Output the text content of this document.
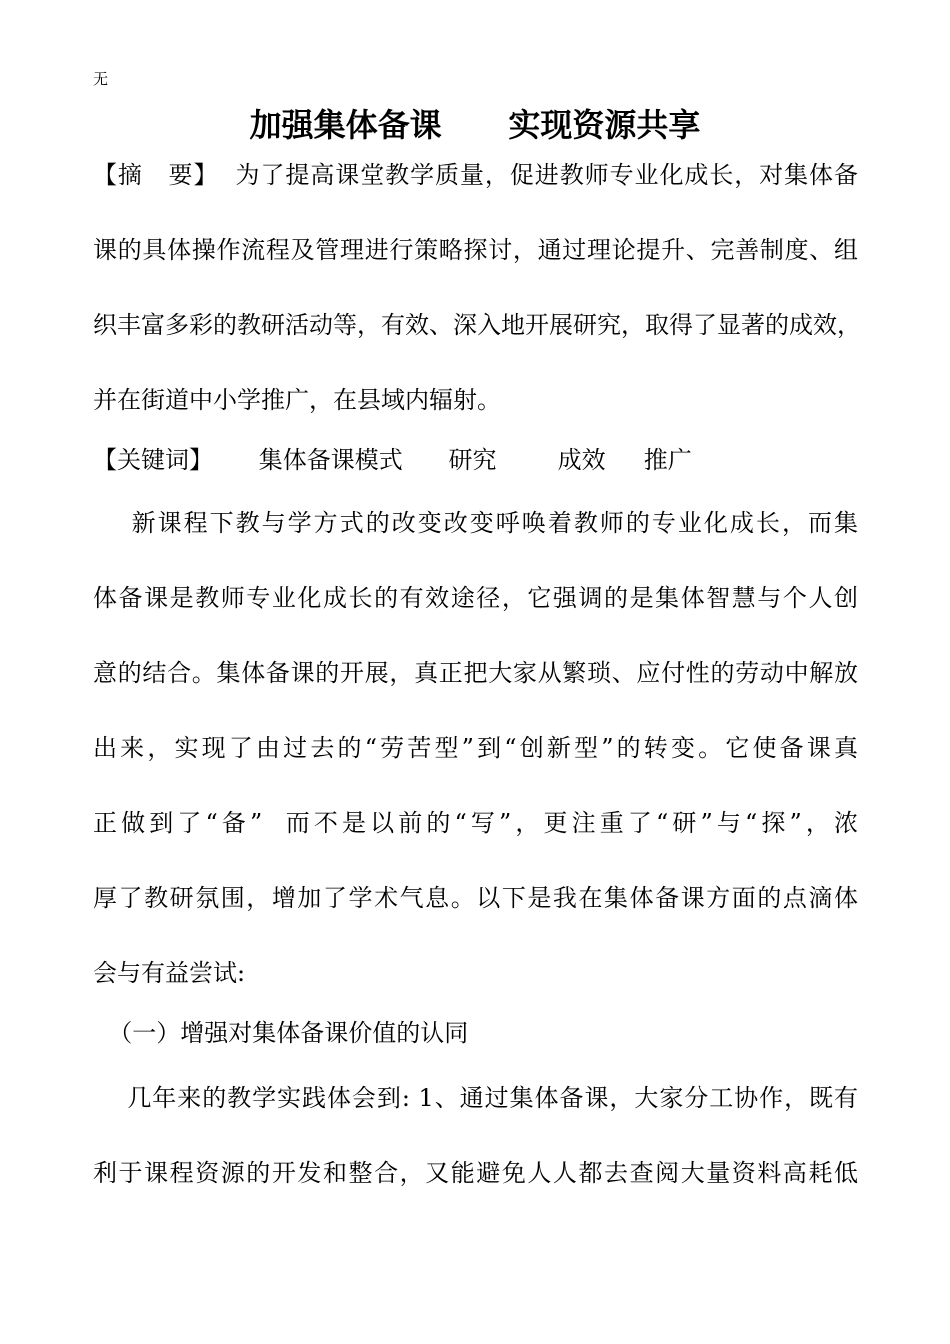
无
加强集体备课      实现资源共享
【摘   要】  为了提高课堂教学质量，促进教师专业化成长，对集体备
课的具体操作流程及管理进行策略探讨，通过理论提升、完善制度、组
织丰富多彩的教研活动等，有效、深入地开展研究，取得了显著的成效，
并在街道中小学推广，在县域内辐射。
【关键词】      集体备课模式      研究        成效     推广
新课程下教与学方式的改变改变呼唤着教师的专业化成长，而集
体备课是教师专业化成长的有效途径，它强调的是集体智慧与个人创
意的结合。集体备课的开展，真正把大家从繁琐、应付性的劳动中解放
出来，实现了由过去的“劳苦型”到“创新型”的转变。它使备课真
正做到了“备”  而不是以前的“写”，更注重了“研”与“探”，浓
厚了教研氛围，增加了学术气息。以下是我在集体备课方面的点滴体
会与有益尝试:
（一）增强对集体备课价值的认同
几年来的教学实践体会到: 1、通过集体备课，大家分工协作，既有
利于课程资源的开发和整合，又能避免人人都去查阅大量资料高耗低
